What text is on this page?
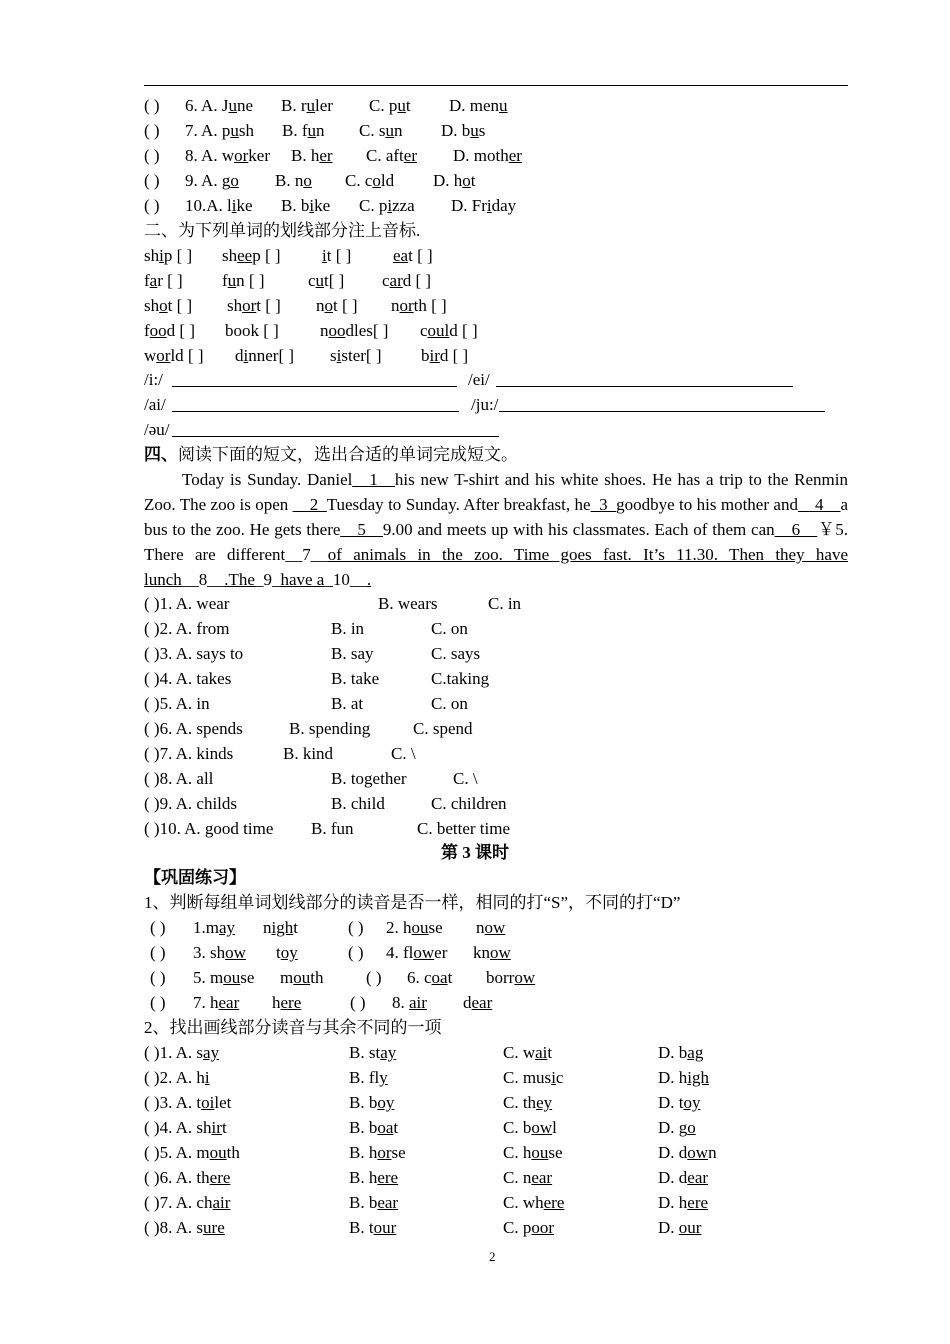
二、为下列单词的划线部分注上音标.
四、阅读下面的短文，选出合适的单词完成短文。
Today is Sunday. Daniel__1__his new T-shirt and his white shoes. He has a trip to the Renmin Zoo. The zoo is open __2_Tuesday to Sunday. After breakfast, he_3_goodbye to his mother and__4__a bus to the zoo. He gets there__5__9.00 and meets up with his classmates. Each of them can__6__￥5. There are different__7__of animals in the zoo. Time goes fast. It’s 11.30. Then they have lunch__8__.The_9_have a_10__.
第 3 课时
【巩固练习】
1、判断每组单词划线部分的读音是否一样，相同的打“S”，不同的打“D”
2、找出画线部分读音与其余不同的一项
2
( ) 6. A. June B. ruler C. put D. menu
( ) 7. A. push B. fun C. sun D. bus
( ) 8. A. worker B. her C. after D. mother
( ) 9. A. go B. no C. cold D. hot
( ) 10.A. like B. bike C. pizza D. Friday
ship [ ] sheep [ ] it [ ] eat [ ]
far [ ] fun [ ]	cut[ ] card [ ]
shot [ ] short [ ] not [ ] north [ ]
food [ ] book [ ] noodles[ ] could [ ]
world [ ] dinner[ ] sister[ ] bird [ ]
/i:/	/ei/
/ai/	/ju:/
/əu/
( )1. A. wear	B. wears	C. in
( )2. A. from	B. in	C. on
( )3. A. says to	B. say	C. says
( )4. A. takes	B. take	C.taking
( )5. A. in	B. at	C. on
( )6. A. spends	B. spending	C. spend
( )7. A. kinds	B. kind	C. \
( )8. A. all	B. together	C. \
( )9. A. childs	B. child	C. children
( )10. A. good time B. fun	C. better time
( ) 1.may night	( ) 2. house now
( ) 3. show toy	( ) 4. flower know
( ) 5. mouse mouth	( ) 6. coat borrow
( ) 7. hear here	( ) 8. air dear
( )1. A. say	B. stay	C. wait	D. bag
( )2. A. hi	B. fly	C. music	D. high
( )3. A. toilet	B. boy	C. they	D. toy
( )4. A. shirt	B. boat	C. bowl	D. go
( )5. A. mouth	B. horse	C. house	D. down
( )6. A. there	B. here	C. near	D. dear
( )7. A. chair	B. bear	C. where	D. here
( )8. A. sure	B. tour	C. poor	D. our
